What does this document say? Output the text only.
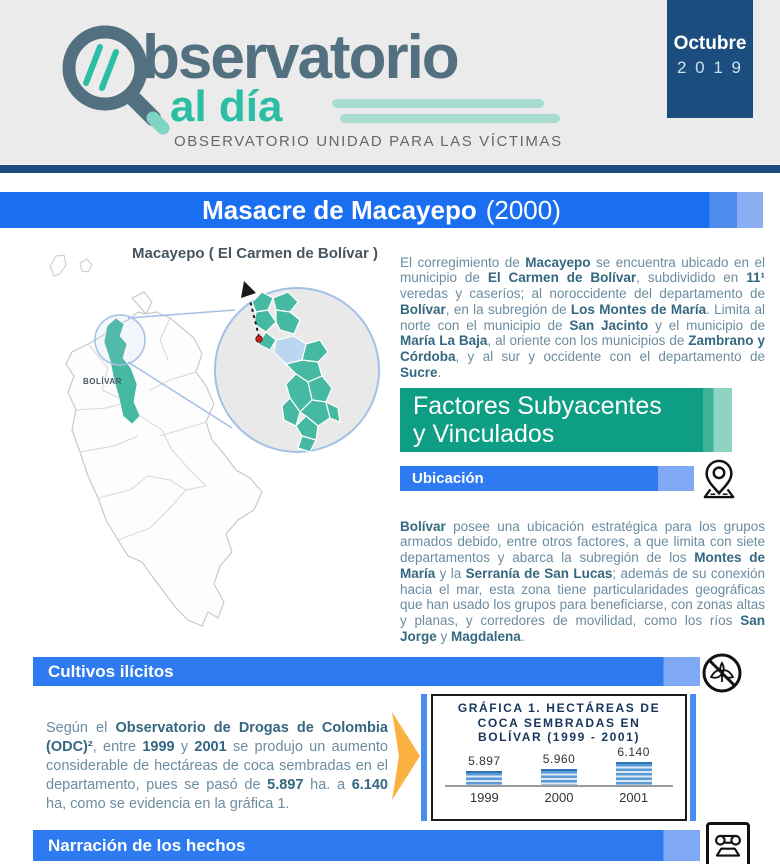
bservatorio
al día
OBSERVATORIO UNIDAD PARA LAS VÍCTIMAS
Octubre
2 0 1 9
Masacre de Macayepo (2000)
Macayepo ( El Carmen de Bolívar )
BOLÍVAR

El corregimiento de Macayepo se encuentra ubicado en el municipio de El Carmen de Bolívar, subdividido en 11¹ veredas y caseríos; al noroccidente del departamento de Bolívar, en la subregión de Los Montes de María. Limita al norte con el municipio de San Jacinto y el municipio de María La Baja, al oriente con los municipios de Zambrano y Córdoba, y al sur y occidente con el departamento de Sucre.

Factores Subyacentes
y Vinculados
Ubicación

Bolívar posee una ubicación estratégica para los grupos armados debido, entre otros factores, a que limita con siete departamentos y abarca la subregión de los Montes de María y la Serranía de San Lucas; además de su conexión hacia el mar, esta zona tiene particularidades geográficas que han usado los grupos para beneficiarse, con zonas altas y planas, y corredores de movilidad, como los ríos San Jorge y Magdalena.

Cultivos ilícitos

Según el Observatorio de Drogas de Colombia (ODC)², entre 1999 y 2001 se produjo un aumento considerable de hectáreas de coca sembradas en el departamento, pues se pasó de 5.897 ha. a 6.140 ha, como se evidencia en la gráfica 1.

GRÁFICA 1. HECTÁREAS DE COCA SEMBRADAS EN BOLÍVAR (1999 - 2001)
5.897	5.960	6.140
1999	2000	2001
Narración de los hechos
